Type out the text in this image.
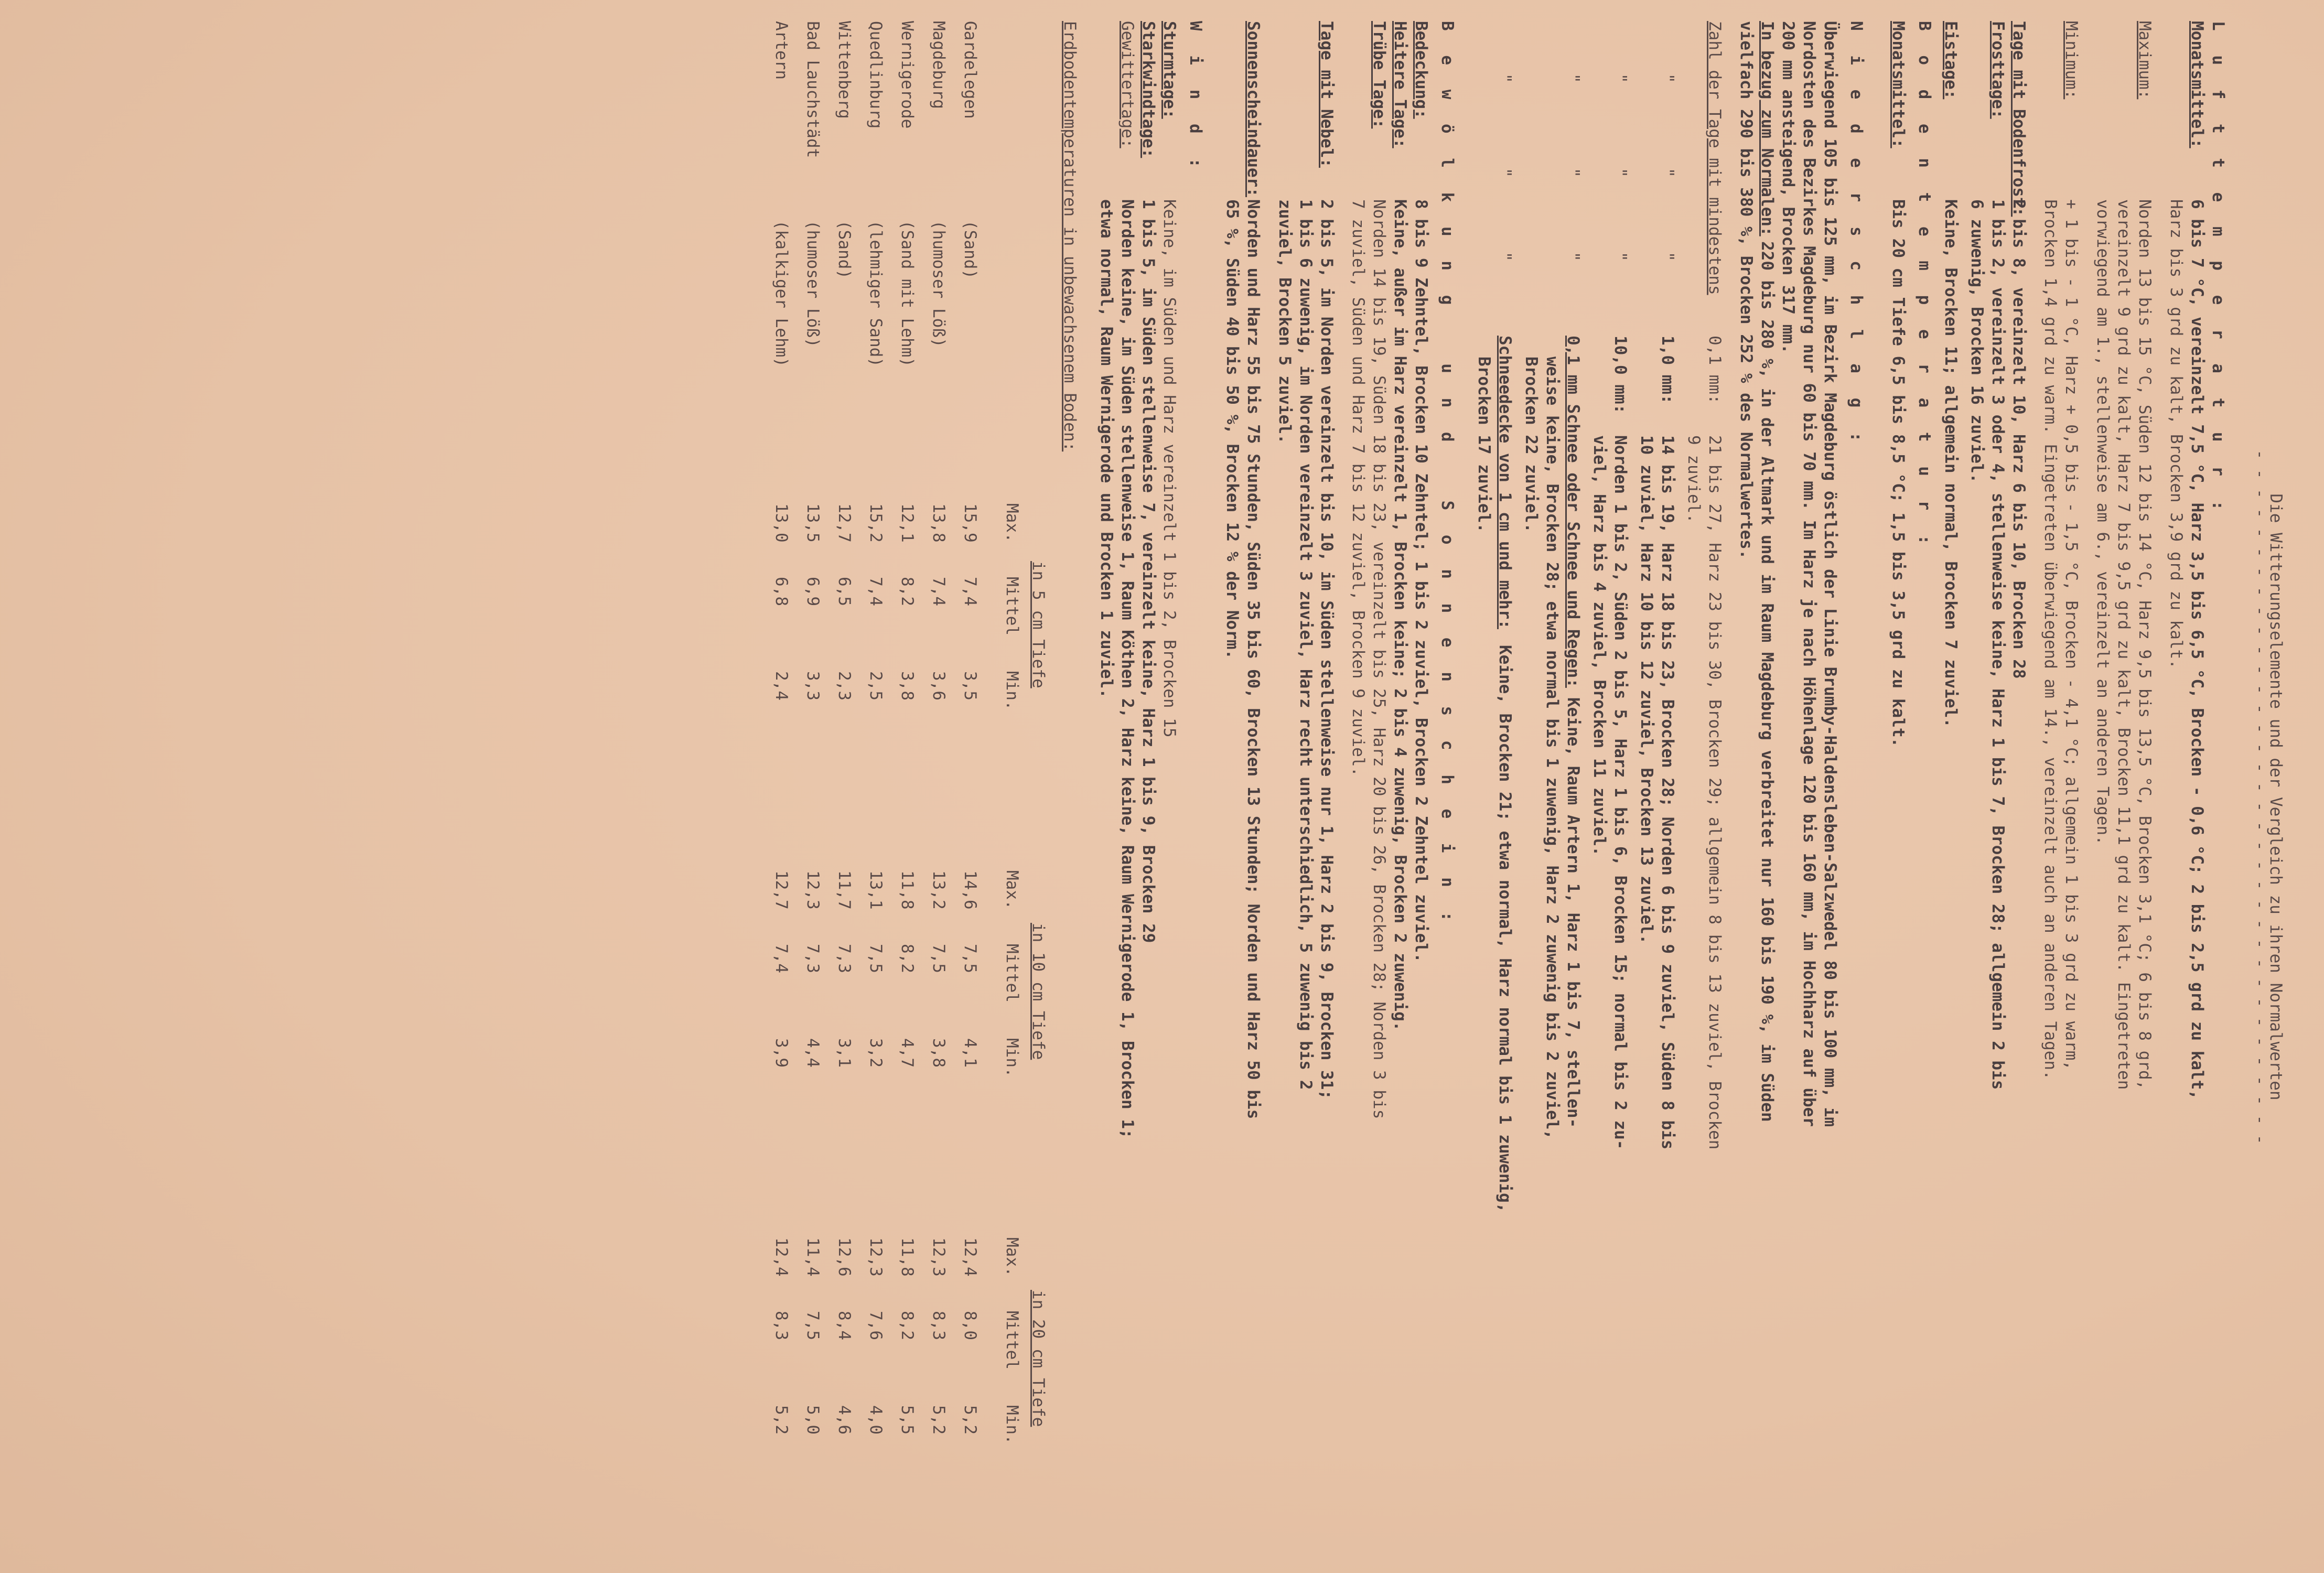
Die Witterungselemente und der Vergleich zu ihren Normalwerten
- - - - - - - - - - - - - - - - - - - - - - - - - - - - - - - - - - - -
L u f t t e m p e r a t u r :

Monatsmittel:

6 bis 7 °C, vereinzelt 7,5 °C, Harz 3,5 bis 6,5 °C, Brocken - 0,6 °C; 2 bis 2,5 grd zu kalt,

Harz bis 3 grd zu kalt, Brocken 3,9 grd zu kalt.

Maximum:

Norden 13 bis 15 °C, Süden 12 bis 14 °C, Harz 9,5 bis 13,5 °C, Brocken 3,1 °C; 6 bis 8 grd,

vereinzelt 9 grd zu kalt, Harz 7 bis 9,5 grd zu kalt, Brocken 11,1 grd zu kalt. Eingetreten
vorwiegend am 1., stellenweise am 6., vereinzelt an anderen Tagen.

Minimum:

+ 1 bis - 1 °C, Harz + 0,5 bis - 1,5 °C, Brocken - 4,1 °C; allgemein 1 bis 3 grd zu warm,

Brocken 1,4 grd zu warm. Eingetreten überwiegend am 14., vereinzelt auch an anderen Tagen.

Tage mit Bodenfrost:

2 bis 8, vereinzelt 10, Harz 6 bis 10, Brocken 28

Frosttage:

1 bis 2, vereinzelt 3 oder 4, stellenweise keine, Harz 1 bis 7, Brocken 28; allgemein 2 bis

6 zuwenig, Brocken 16 zuviel.

Eistage:

Keine, Brocken 11; allgemein normal, Brocken 7 zuviel.

B o d e n t e m p e r a t u r :

Monatsmittel:

Bis 20 cm Tiefe 6,5 bis 8,5 °C; 1,5 bis 3,5 grd zu kalt.

N i e d e r s c h l a g :
Überwiegend 105 bis 125 mm, im Bezirk Magdeburg östlich der Linie Brumby-Haldensleben-Salzwedel 80 bis 100 mm, im
Nordosten des Bezirkes Magdeburg nur 60 bis 70 mm. Im Harz je nach Höhenlage 120 bis 160 mm, im Hochharz auf über
200 mm ansteigend, Brocken 317 mm.

In bezug zum Normalen:

220 bis 280 %, in der Altmark und im Raum Magdeburg verbreitet nur 160 bis 190 %, im Süden

vielfach 290 bis 380 %, Brocken 252 % des Normalwertes.

Zahl der Tage mit mindestens

0,1 mm:

21 bis 27, Harz 23 bis 30, Brocken 29; allgemein 8 bis 13 zuviel, Brocken

9 zuviel.

"

"

"

1,0 mm:

14 bis 19, Harz 18 bis 23, Brocken 28; Norden 6 bis 9 zuviel, Süden 8 bis

10 zuviel, Harz 10 bis 12 zuviel, Brocken 13 zuviel.

"

"

"

10,0 mm:

Norden 1 bis 2, Süden 2 bis 5, Harz 1 bis 6, Brocken 15; normal bis 2 zu-

viel, Harz bis 4 zuviel, Brocken 11 zuviel.

"

"

"

0,1 mm Schnee oder Schnee und Regen:

Keine, Raum Artern 1, Harz 1 bis 7, stellen-

weise keine, Brocken 28; etwa normal bis 1 zuwenig, Harz 2 zuwenig bis 2 zuviel,
Brocken 22 zuviel.

"

"

"

Schneedecke von 1 cm und mehr:

Keine, Brocken 21; etwa normal, Harz normal bis 1 zuwenig,

Brocken 17 zuviel.
B e w ö l k u n g   u n d   S o n n e n s c h e i n :

Bedeckung:

8 bis 9 Zehntel, Brocken 10 Zehntel; 1 bis 2 zuviel, Brocken 2 Zehntel zuviel.

Heitere Tage:

Keine, außer im Harz vereinzelt 1, Brocken keine; 2 bis 4 zuwenig, Brocken 2 zuwenig.

Trübe Tage:

Norden 14 bis 19, Süden 18 bis 23, vereinzelt bis 25, Harz 20 bis 26, Brocken 28; Norden 3 bis

7 zuviel, Süden und Harz 7 bis 12 zuviel, Brocken 9 zuviel.

Tage mit Nebel:

2 bis 5, im Norden vereinzelt bis 10, im Süden stellenweise nur 1, Harz 2 bis 9, Brocken 31;

1 bis 6 zuwenig, im Norden vereinzelt 3 zuviel, Harz recht unterschiedlich, 5 zuwenig bis 2
zuviel, Brocken 5 zuviel.

Sonnenscheindauer:

Norden und Harz 55 bis 75 Stunden, Süden 35 bis 60, Brocken 13 Stunden; Norden und Harz 50 bis

65 %, Süden 40 bis 50 %, Brocken 12 % der Norm.
W i n d :

Sturmtage:

Keine, im Süden und Harz vereinzelt 1 bis 2, Brocken 15

Starkwindtage:

1 bis 5, im Süden stellenweise 7, vereinzelt keine, Harz 1 bis 9, Brocken 29

Gewittertage:

Norden keine, im Süden stellenweise 1, Raum Köthen 2, Harz keine, Raum Wernigerode 1, Brocken 1;

etwa normal, Raum Wernigerode und Brocken 1 zuviel.
Erdbodentemperaturen in unbewachsenem Boden:

in 5 cm Tiefe

in 10 cm Tiefe

in 20 cm Tiefe

Max.

Mittel

Min.

Max.

Mittel

Min.

Max.

Mittel

Min.

Gardelegen
(Sand)
15,9
7,4
3,5
14,6
7,5
4,1
12,4
8,0
5,2
Magdeburg
(humoser Löß)
13,8
7,4
3,6
13,2
7,5
3,8
12,3
8,3
5,2
Wernigerode
(Sand mit Lehm)
12,1
8,2
3,8
11,8
8,2
4,7
11,8
8,2
5,5
Quedlinburg
(lehmiger Sand)
15,2
7,4
2,5
13,1
7,5
3,2
12,3
7,6
4,0
Wittenberg
(Sand)
12,7
6,5
2,3
11,7
7,3
3,1
12,6
8,4
4,6
Bad Lauchstädt
(humoser Löß)
13,5
6,9
3,3
12,3
7,3
4,4
11,4
7,5
5,0
Artern
(kalkiger Lehm)
13,0
6,8
2,4
12,7
7,4
3,9
12,4
8,3
5,2
